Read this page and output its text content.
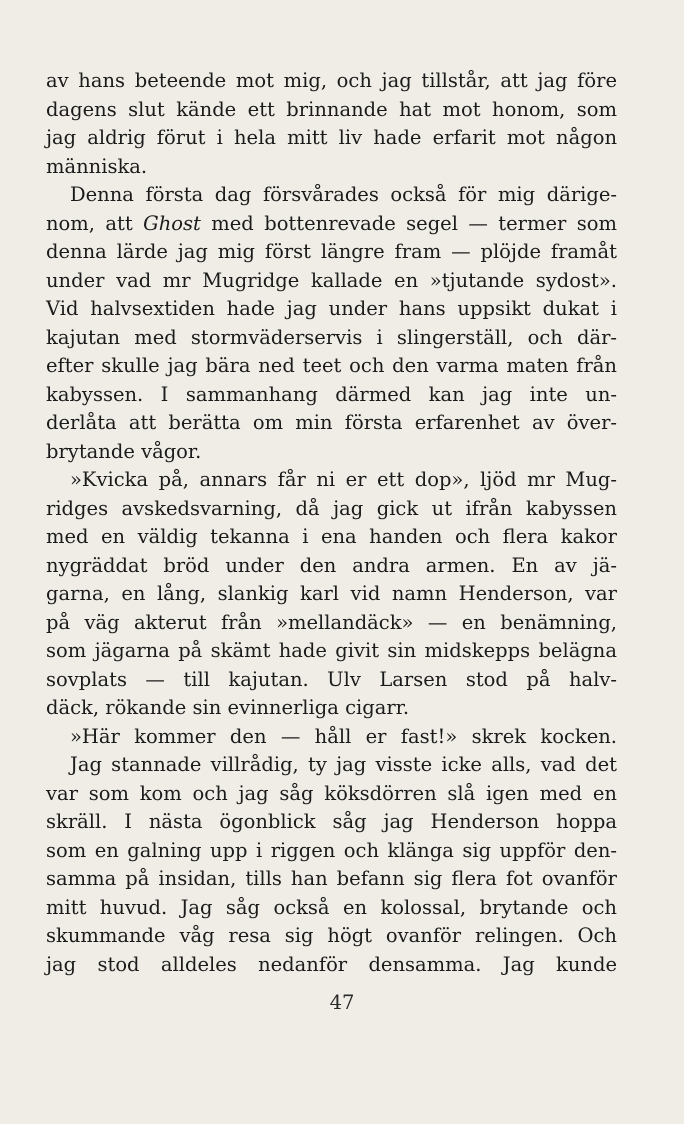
av hans beteende mot mig, och jag tillstår, att jag före
dagens slut kände ett brinnande hat mot honom, som
jag aldrig förut i hela mitt liv hade erfarit mot någon
människa.
Denna första dag försvårades också för mig därige-
nom, att Ghost med bottenrevade segel — termer som
denna lärde jag mig först längre fram — plöjde framåt
under vad mr Mugridge kallade en »tjutande sydost».
Vid halvsextiden hade jag under hans uppsikt dukat i
kajutan med stormväderservis i slingerställ, och där-
efter skulle jag bära ned teet och den varma maten från
kabyssen. I sammanhang därmed kan jag inte un-
derlåta att berätta om min första erfarenhet av över-
brytande vågor.
»Kvicka på, annars får ni er ett dop», ljöd mr Mug-
ridges avskedsvarning, då jag gick ut ifrån kabyssen
med en väldig tekanna i ena handen och flera kakor
nygräddat bröd under den andra armen. En av jä-
garna, en lång, slankig karl vid namn Henderson, var
på väg akterut från »mellandäck» — en benämning,
som jägarna på skämt hade givit sin midskepps belägna
sovplats — till kajutan. Ulv Larsen stod på halv-
däck, rökande sin evinnerliga cigarr.
»Här kommer den — håll er fast!» skrek kocken.
Jag stannade villrådig, ty jag visste icke alls, vad det
var som kom och jag såg köksdörren slå igen med en
skräll. I nästa ögonblick såg jag Henderson hoppa
som en galning upp i riggen och klänga sig uppför den-
samma på insidan, tills han befann sig flera fot ovanför
mitt huvud. Jag såg också en kolossal, brytande och
skummande våg resa sig högt ovanför relingen. Och
jag stod alldeles nedanför densamma. Jag kunde
47
